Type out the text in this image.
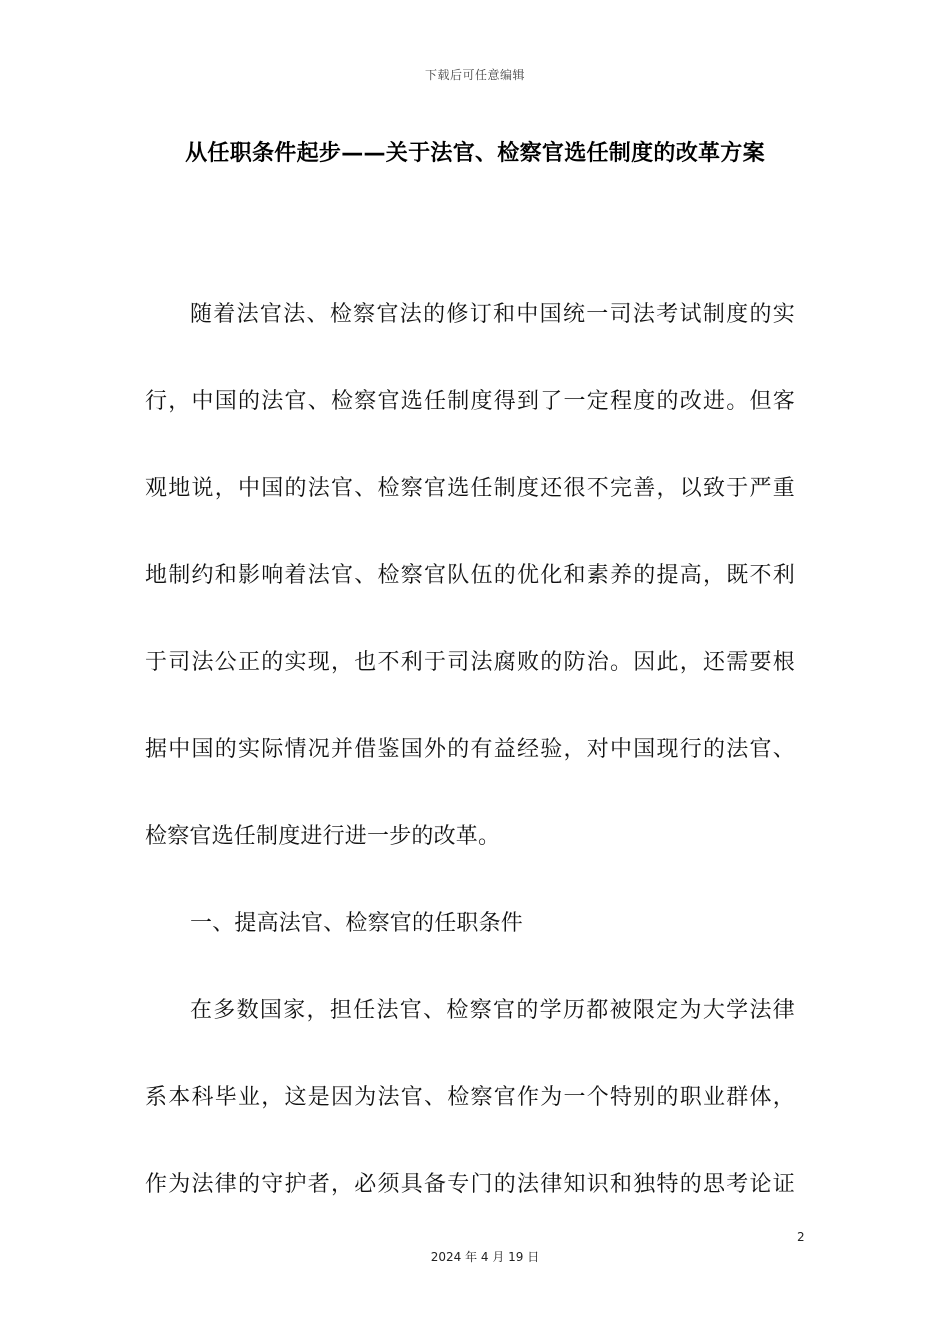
下载后可任意编辑
从任职条件起步——关于法官、检察官选任制度的改革方案
随着法官法、检察官法的修订和中国统一司法考试制度的实
行，中国的法官、检察官选任制度得到了一定程度的改进。但客
观地说，中国的法官、检察官选任制度还很不完善，以致于严重
地制约和影响着法官、检察官队伍的优化和素养的提高，既不利
于司法公正的实现，也不利于司法腐败的防治。因此，还需要根
据中国的实际情况并借鉴国外的有益经验，对中国现行的法官、
检察官选任制度进行进一步的改革。
一、提高法官、检察官的任职条件
在多数国家，担任法官、检察官的学历都被限定为大学法律
系本科毕业，这是因为法官、检察官作为一个特别的职业群体，
作为法律的守护者，必须具备专门的法律知识和独特的思考论证
2
2024 年 4 月 19 日
